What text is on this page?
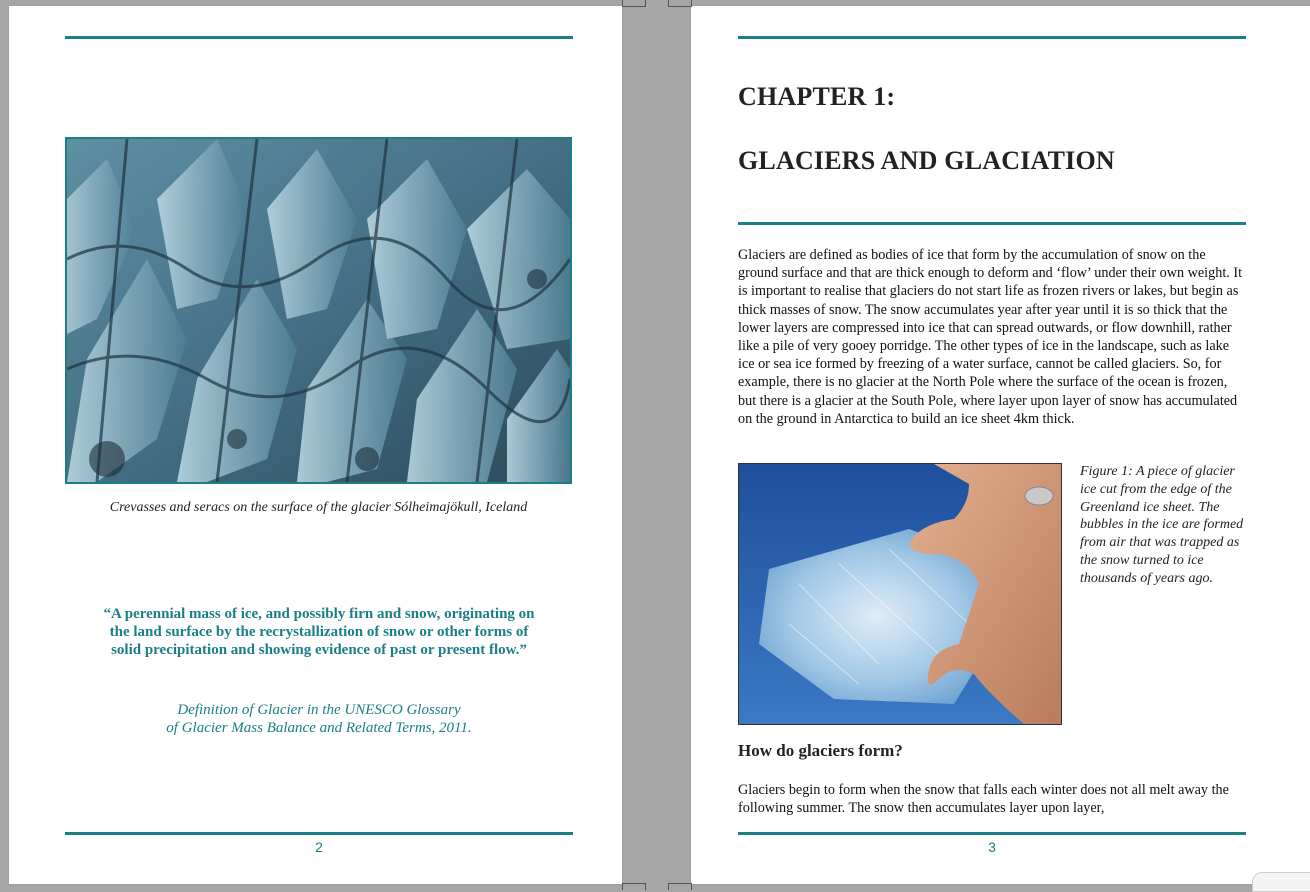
Crevasses and seracs on the surface of the glacier Sólheimajökull, Iceland
“A perennial mass of ice, and possibly firn and snow, originating on the land surface by the recrystallization of snow or other forms of solid precipitation and showing evidence of past or present flow.”
Definition of Glacier in the UNESCO Glossary
of Glacier Mass Balance and Related Terms, 2011.
2
CHAPTER 1:
GLACIERS AND GLACIATION
Glaciers are defined as bodies of ice that form by the accumulation of snow on the ground surface and that are thick enough to deform and ‘flow’ under their own weight. It is important to realise that glaciers do not start life as frozen rivers or lakes, but begin as thick masses of snow. The snow accumulates year after year until it is so thick that the lower layers are compressed into ice that can spread outwards, or flow downhill, rather like a pile of very gooey porridge. The other types of ice in the landscape, such as lake ice or sea ice formed by freezing of a water surface, cannot be called glaciers. So, for example, there is no glacier at the North Pole where the surface of the ocean is frozen, but there is a glacier at the South Pole, where layer upon layer of snow has accumulated on the ground in Antarctica to build an ice sheet 4km thick.
Figure 1: A piece of glacier ice cut from the edge of the Greenland ice sheet. The bubbles in the ice are formed from air that was trapped as the snow turned to ice thousands of years ago.
How do glaciers form?
Glaciers begin to form when the snow that falls each winter does not all melt away the following summer. The snow then accumulates layer upon layer,
3
